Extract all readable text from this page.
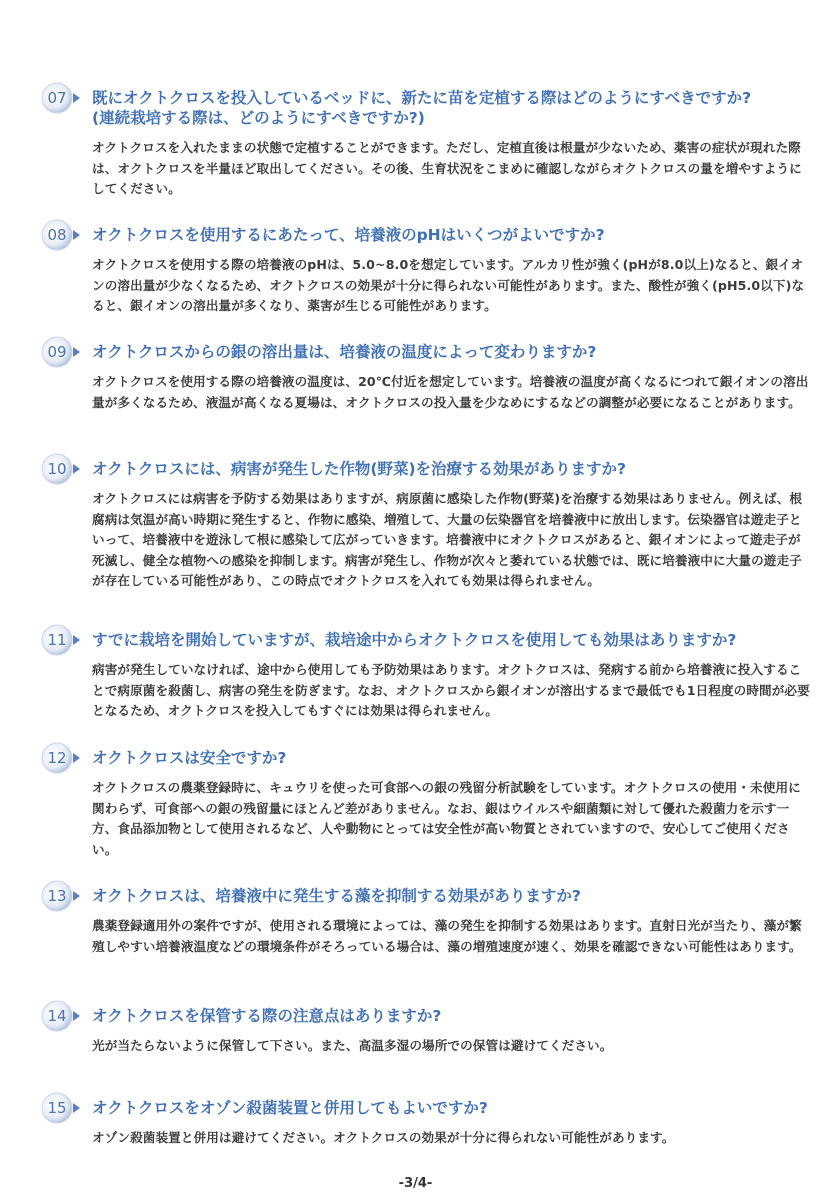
07	既にオクトクロスを投入しているベッドに、新たに苗を定植する際はどのようにすべきですか?
(連続栽培する際は、どのようにすべきですか?)
オクトクロスを入れたままの状態で定植することができます。ただし、定植直後は根量が少ないため、薬害の症状が現れた際は、オクトクロスを半量ほど取出してください。その後、生育状況をこまめに確認しながらオクトクロスの量を増やすようにしてください。
08	オクトクロスを使用するにあたって、培養液のpHはいくつがよいですか?
オクトクロスを使用する際の培養液のpHは、5.0~8.0を想定しています。アルカリ性が強く(pHが8.0以上)なると、銀イオンの溶出量が少なくなるため、オクトクロスの効果が十分に得られない可能性があります。また、酸性が強く(pH5.0以下)なると、銀イオンの溶出量が多くなり、薬害が生じる可能性があります。
09	オクトクロスからの銀の溶出量は、培養液の温度によって変わりますか?
オクトクロスを使用する際の培養液の温度は、20℃付近を想定しています。培養液の温度が高くなるにつれて銀イオンの溶出量が多くなるため、液温が高くなる夏場は、オクトクロスの投入量を少なめにするなどの調整が必要になることがあります。
10	オクトクロスには、病害が発生した作物(野菜)を治療する効果がありますか?
オクトクロスには病害を予防する効果はありますが、病原菌に感染した作物(野菜)を治療する効果はありません。例えば、根腐病は気温が高い時期に発生すると、作物に感染、増殖して、大量の伝染器官を培養液中に放出します。伝染器官は遊走子といって、培養液中を遊泳して根に感染して広がっていきます。培養液中にオクトクロスがあると、銀イオンによって遊走子が死滅し、健全な植物への感染を抑制します。病害が発生し、作物が次々と萎れている状態では、既に培養液中に大量の遊走子が存在している可能性があり、この時点でオクトクロスを入れても効果は得られません。
11	すでに栽培を開始していますが、栽培途中からオクトクロスを使用しても効果はありますか?
病害が発生していなければ、途中から使用しても予防効果はあります。オクトクロスは、発病する前から培養液に投入することで病原菌を殺菌し、病害の発生を防ぎます。なお、オクトクロスから銀イオンが溶出するまで最低でも1日程度の時間が必要となるため、オクトクロスを投入してもすぐには効果は得られません。
12	オクトクロスは安全ですか?
オクトクロスの農薬登録時に、キュウリを使った可食部への銀の残留分析試験をしています。オクトクロスの使用・未使用に関わらず、可食部への銀の残留量にほとんど差がありません。なお、銀はウイルスや細菌類に対して優れた殺菌力を示す一方、食品添加物として使用されるなど、人や動物にとっては安全性が高い物質とされていますので、安心してご使用ください。
13	オクトクロスは、培養液中に発生する藻を抑制する効果がありますか?
農薬登録適用外の案件ですが、使用される環境によっては、藻の発生を抑制する効果はあります。直射日光が当たり、藻が繁殖しやすい培養液温度などの環境条件がそろっている場合は、藻の増殖速度が速く、効果を確認できない可能性はあります。
14	オクトクロスを保管する際の注意点はありますか?
光が当たらないように保管して下さい。また、高温多湿の場所での保管は避けてください。
15	オクトクロスをオゾン殺菌装置と併用してもよいですか?
オゾン殺菌装置と併用は避けてください。オクトクロスの効果が十分に得られない可能性があります。
-3/4-
